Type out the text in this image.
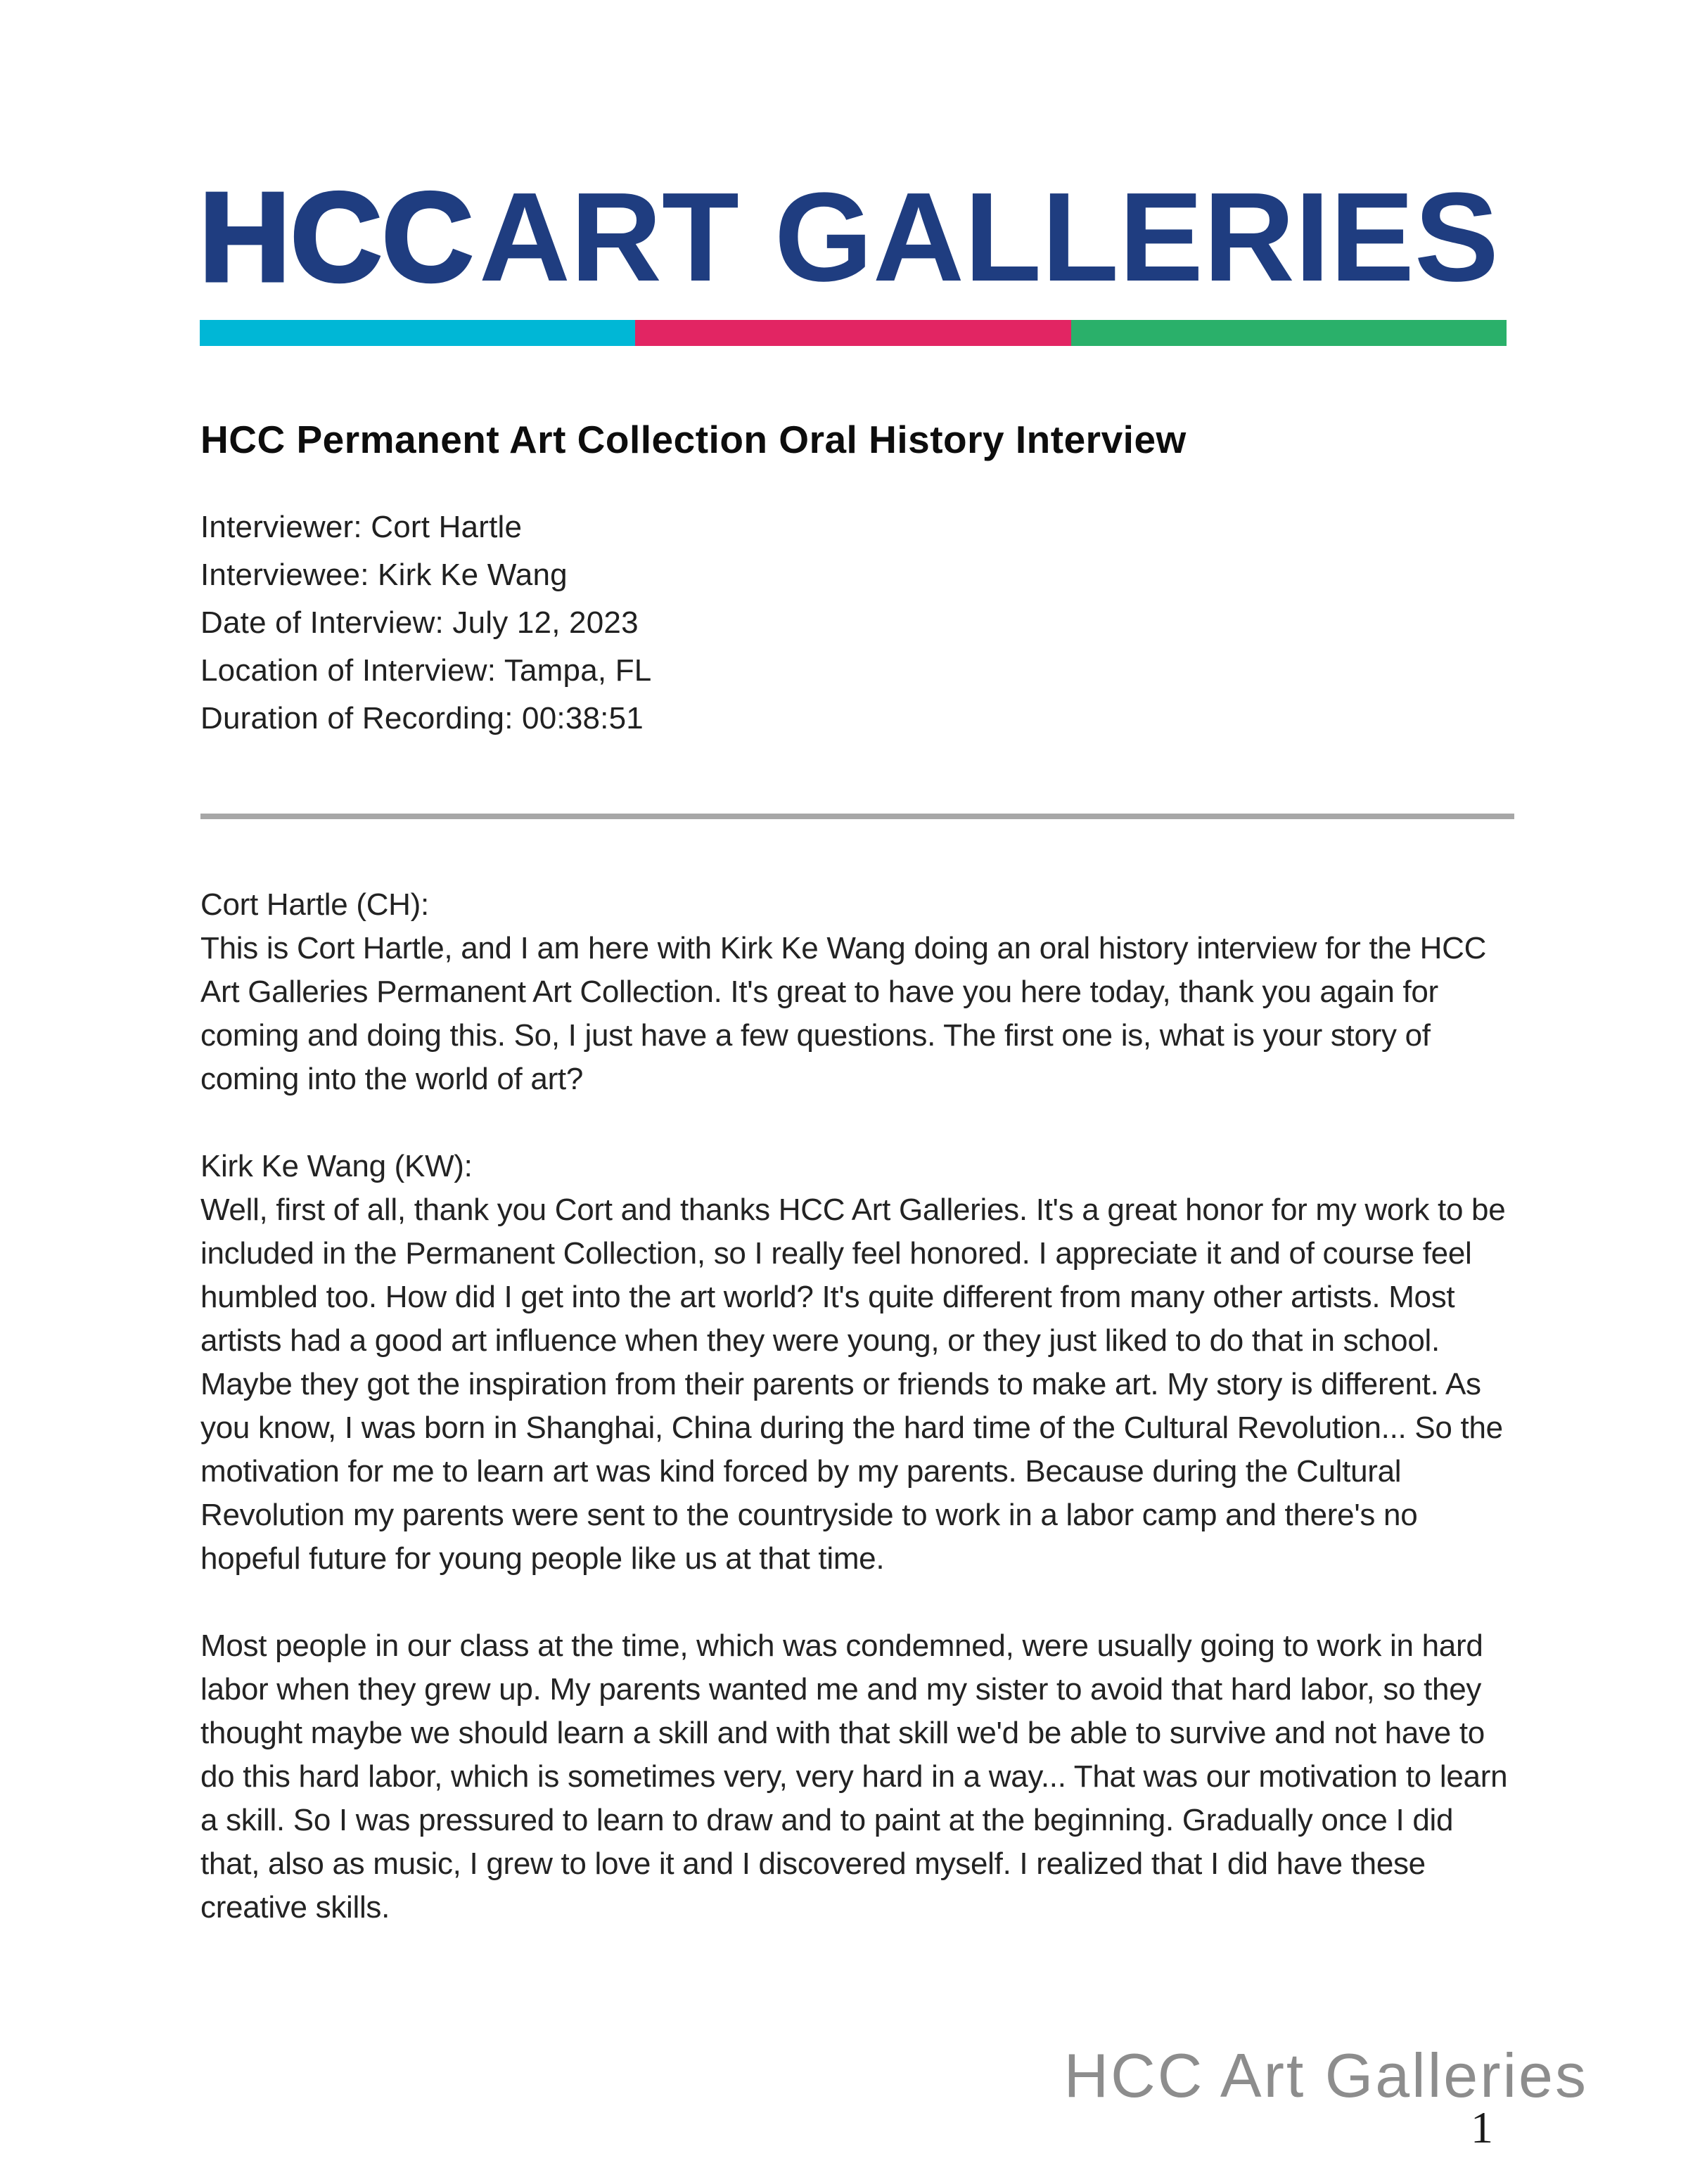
HCCART GALLERIES
HCC Permanent Art Collection Oral History Interview
Interviewer: Cort Hartle
Interviewee: Kirk Ke Wang
Date of Interview: July 12, 2023
Location of Interview: Tampa, FL
Duration of Recording: 00:38:51
Cort Hartle (CH):
This is Cort Hartle, and I am here with Kirk Ke Wang doing an oral history interview for the HCC Art Galleries Permanent Art Collection. It's great to have you here today, thank you again for coming and doing this. So, I just have a few questions. The first one is, what is your story of coming into the world of art?
Kirk Ke Wang (KW):
Well, first of all, thank you Cort and thanks HCC Art Galleries. It's a great honor for my work to be included in the Permanent Collection, so I really feel honored. I appreciate it and of course feel humbled too. How did I get into the art world? It's quite different from many other artists. Most artists had a good art influence when they were young, or they just liked to do that in school. Maybe they got the inspiration from their parents or friends to make art. My story is different. As you know, I was born in Shanghai, China during the hard time of the Cultural Revolution... So the motivation for me to learn art was kind forced by my parents. Because during the Cultural Revolution my parents were sent to the countryside to work in a labor camp and there's no hopeful future for young people like us at that time.
Most people in our class at the time, which was condemned, were usually going to work in hard labor when they grew up. My parents wanted me and my sister to avoid that hard labor, so they thought maybe we should learn a skill and with that skill we'd be able to survive and not have to do this hard labor, which is sometimes very, very hard in a way... That was our motivation to learn a skill. So I was pressured to learn to draw and to paint at the beginning. Gradually once I did that, also as music, I grew to love it and I discovered myself. I realized that I did have these creative skills.
HCC Art Galleries
1
